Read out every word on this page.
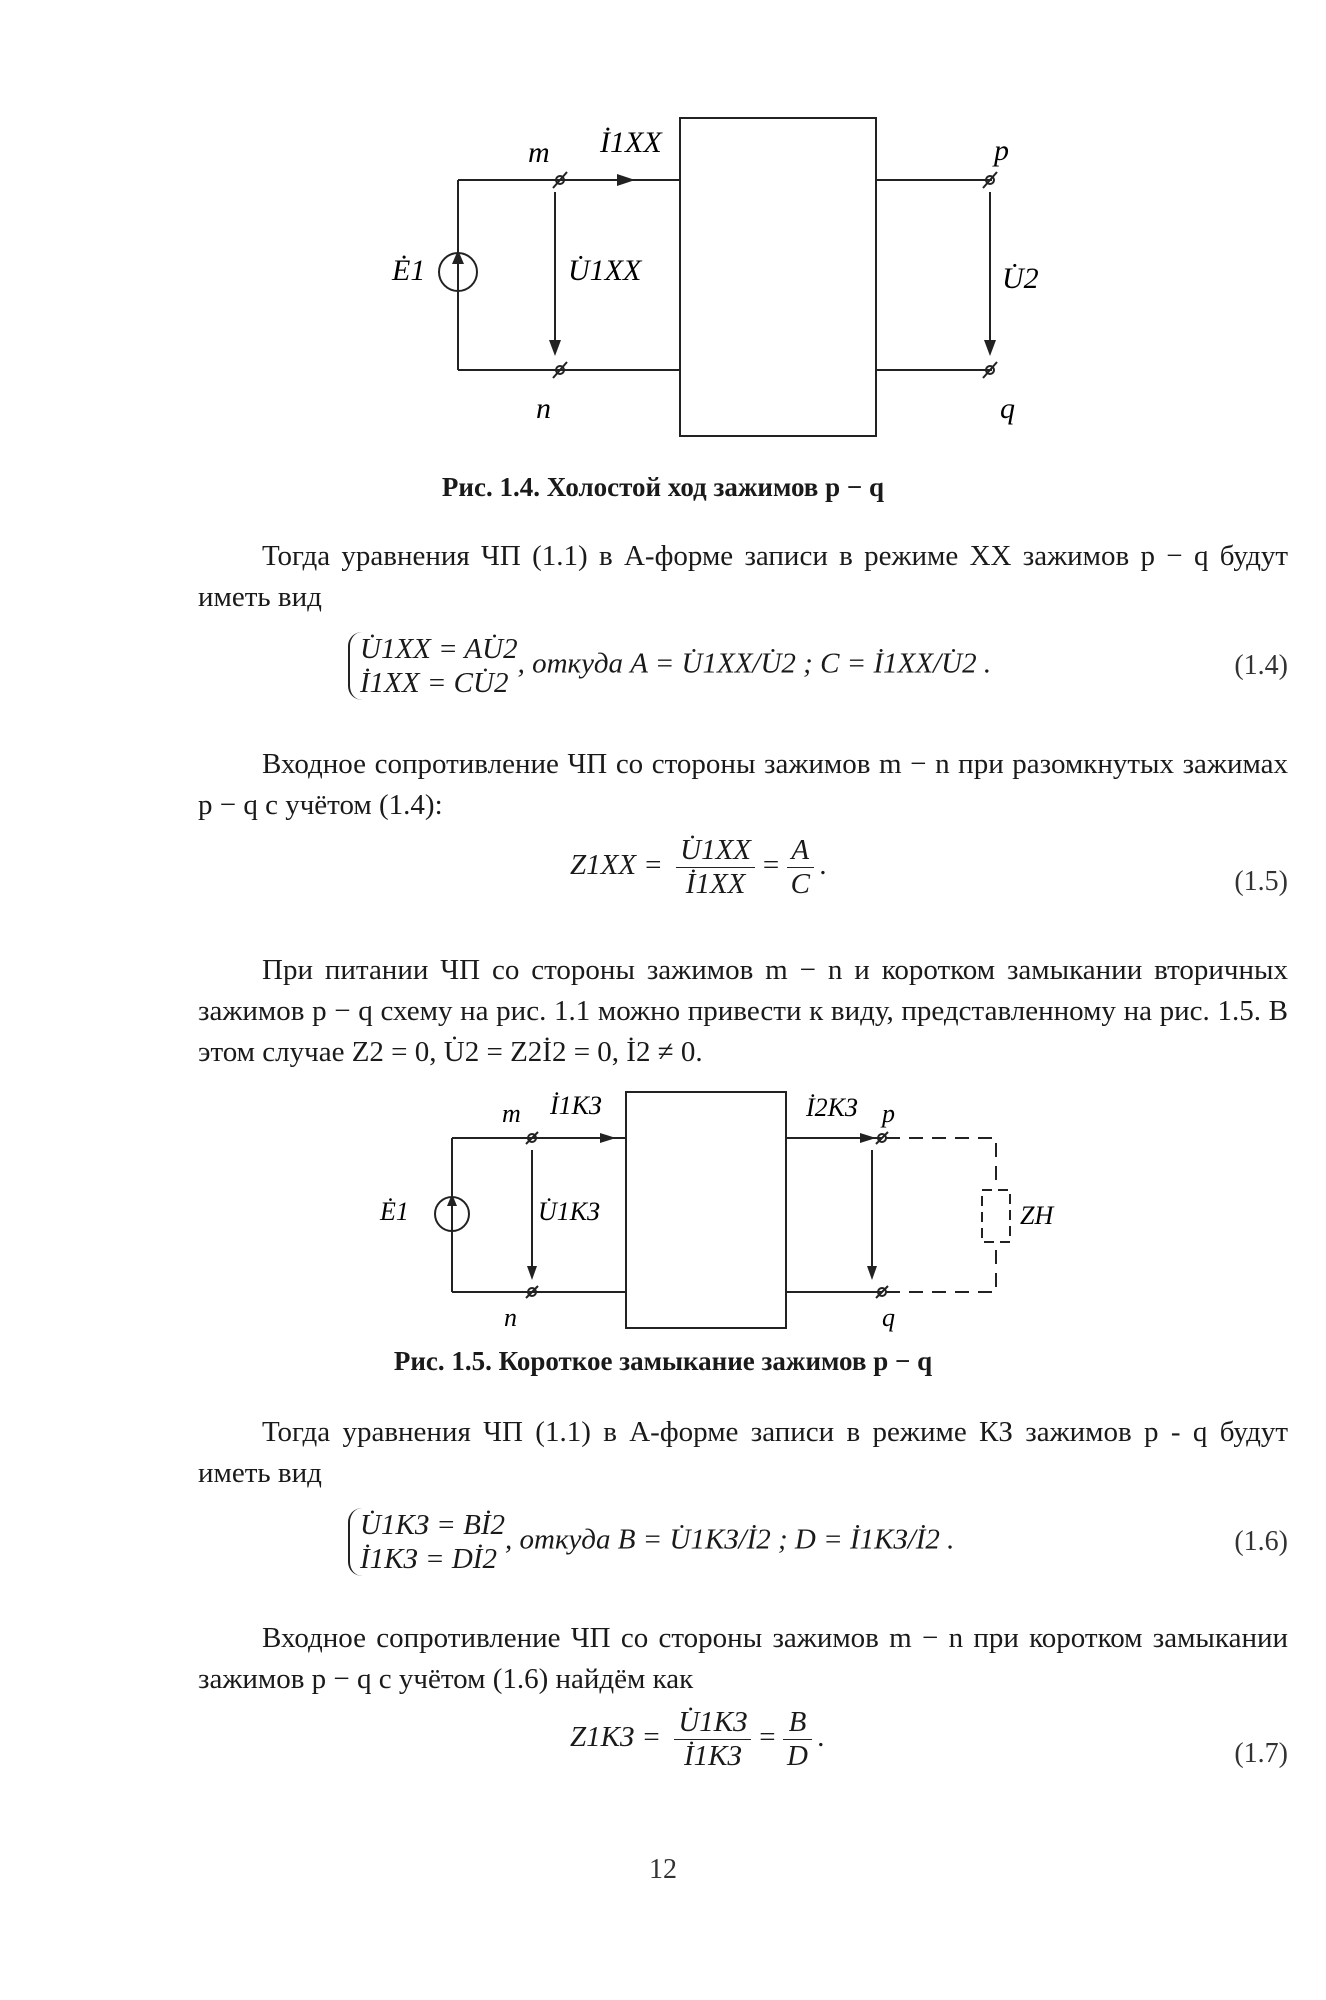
m
n
p
q
İ1XX
U̇1XX	U̇2
Ė1
Рис. 1.4. Холостой ход зажимов p − q
Тогда уравнения ЧП (1.1) в A-форме записи в режиме ХХ зажимов p − q будут иметь вид
U̇1XX = AU̇2
İ1XX = CU̇2, откуда A = U̇1XX/U̇2 ; C = İ1XX/U̇2 .	(1.4)
Входное сопротивление ЧП со стороны зажимов m − n при разомкнутых зажимах p − q с учётом (1.4):
$Z1XX = \frac{U̇1XX}{İ1XX} = \frac{A}{C}$ .
(1.5)
При питании ЧП со стороны зажимов m − n и коротком замыкании вторичных зажимов p − q схему на рис. 1.1 можно привести к виду, представленному на рис. 1.5. В этом случае Z2 = 0, U̇2 = Z2İ2 = 0, İ2 ≠ 0.
m
n
p
q
İ1КЗ	İ2КЗ
U̇1КЗ
Ė1	ZН
Рис. 1.5. Короткое замыкание зажимов p − q
Тогда уравнения ЧП (1.1) в A-форме записи в режиме КЗ зажимов p - q будут иметь вид
U̇1КЗ = Bİ2
İ1КЗ = Dİ2, откуда B = U̇1КЗ/İ2 ; D = İ1КЗ/İ2 .	(1.6)
Входное сопротивление ЧП со стороны зажимов m − n при коротком замыкании зажимов p − q с учётом (1.6) найдём как
$Z1КЗ = \frac{U̇1КЗ}{İ1КЗ} = \frac{B}{D}$ .
(1.7)
12
